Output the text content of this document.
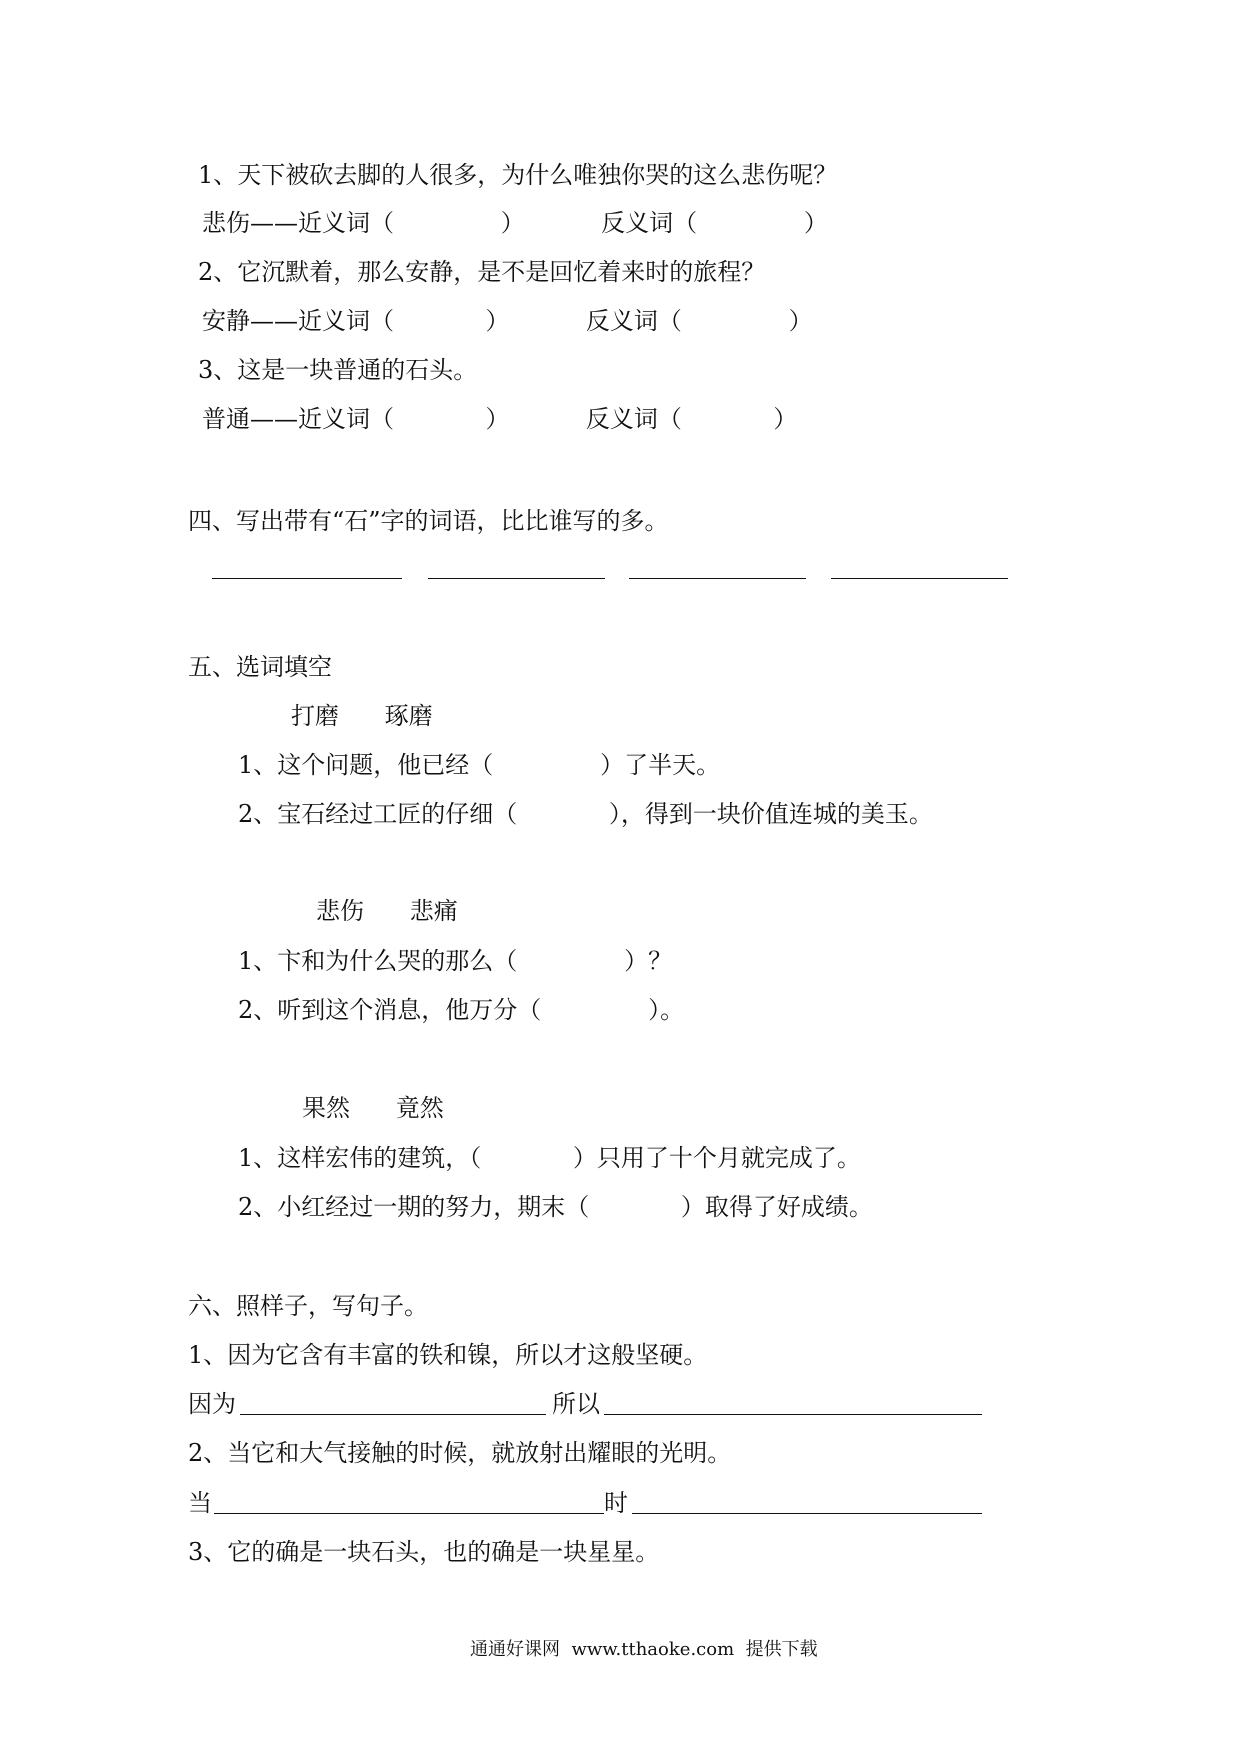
1、天下被砍去脚的人很多，为什么唯独你哭的这么悲伤呢？
悲伤——近义词（              ）          反义词（              ）
2、它沉默着，那么安静，是不是回忆着来时的旅程？
安静——近义词（            ）          反义词（              ）
3、这是一块普通的石头。
普通——近义词（            ）          反义词（            ）
四、写出带有“石”字的词语，比比谁写的多。
五、选词填空
打磨      琢磨
1、这个问题，他已经（              ）了半天。
2、宝石经过工匠的仔细（            ），得到一块价值连城的美玉。
悲伤      悲痛
1、卞和为什么哭的那么（              ）？
2、听到这个消息，他万分（              ）。
果然      竟然
1、这样宏伟的建筑，（            ）只用了十个月就完成了。
2、小红经过一期的努力，期末（            ）取得了好成绩。
六、照样子，写句子。
1、因为它含有丰富的铁和镍，所以才这般坚硬。
因为	所以
2、当它和大气接触的时候，就放射出耀眼的光明。
当	时
3、它的确是一块石头，也的确是一块星星。
通通好课网  www.tthaoke.com  提供下载
